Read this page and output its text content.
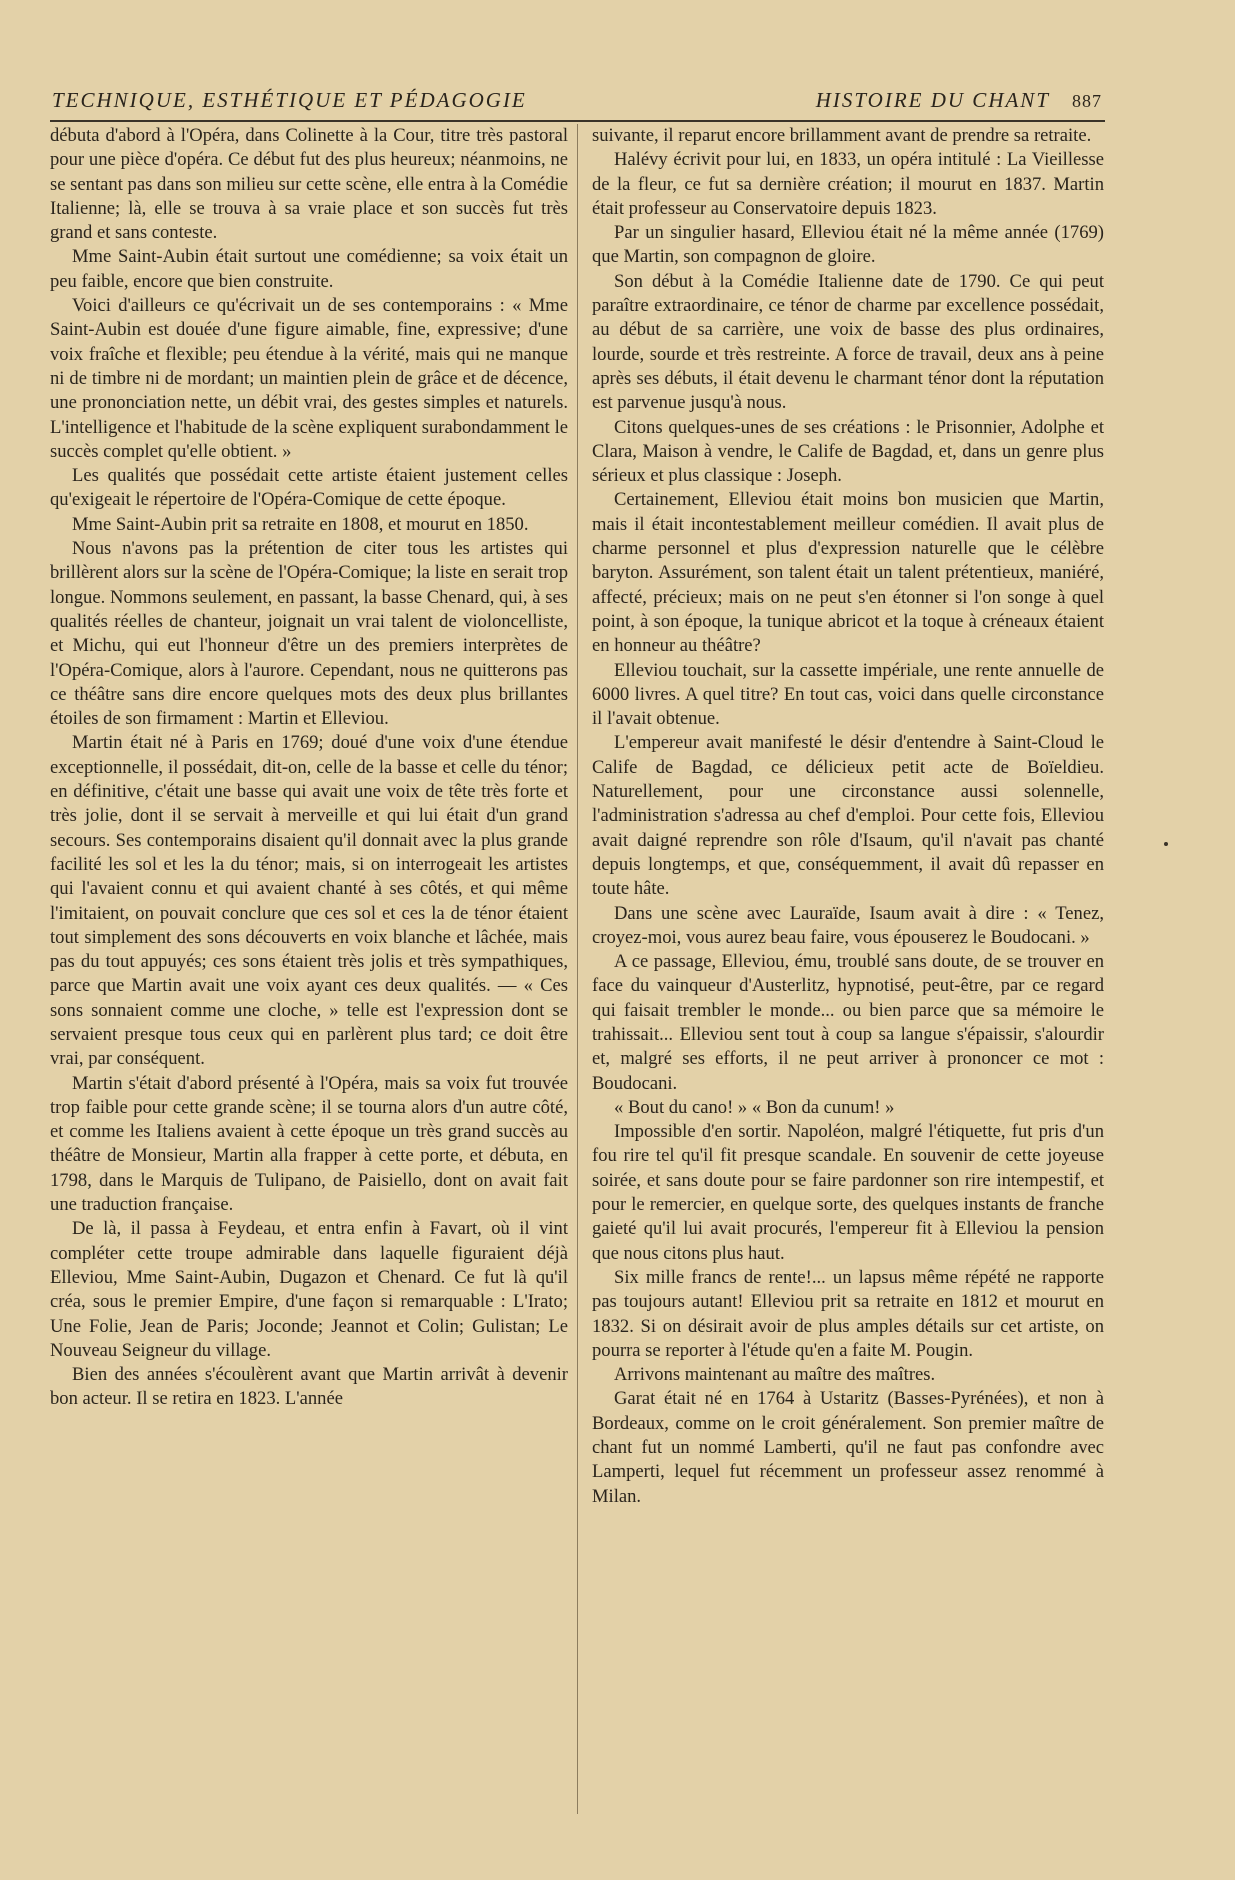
TECHNIQUE, ESTHÉTIQUE ET PÉDAGOGIE	HISTOIRE DU CHANT 887

débuta d'abord à l'Opéra, dans Colinette à la Cour, titre très pastoral pour une pièce d'opéra. Ce début fut des plus heureux; néanmoins, ne se sentant pas dans son milieu sur cette scène, elle entra à la Comédie Italienne; là, elle se trouva à sa vraie place et son succès fut très grand et sans conteste.

Mme Saint-Aubin était surtout une comédienne; sa voix était un peu faible, encore que bien construite.

Voici d'ailleurs ce qu'écrivait un de ses contemporains : « Mme Saint-Aubin est douée d'une figure aimable, fine, expressive; d'une voix fraîche et flexible; peu étendue à la vérité, mais qui ne manque ni de timbre ni de mordant; un maintien plein de grâce et de décence, une prononciation nette, un débit vrai, des gestes simples et naturels. L'intelligence et l'habitude de la scène expliquent surabondamment le succès complet qu'elle obtient. »

Les qualités que possédait cette artiste étaient justement celles qu'exigeait le répertoire de l'Opéra-Comique de cette époque.

Mme Saint-Aubin prit sa retraite en 1808, et mourut en 1850.

Nous n'avons pas la prétention de citer tous les artistes qui brillèrent alors sur la scène de l'Opéra-Comique; la liste en serait trop longue. Nommons seulement, en passant, la basse Chenard, qui, à ses qualités réelles de chanteur, joignait un vrai talent de violoncelliste, et Michu, qui eut l'honneur d'être un des premiers interprètes de l'Opéra-Comique, alors à l'aurore. Cependant, nous ne quitterons pas ce théâtre sans dire encore quelques mots des deux plus brillantes étoiles de son firmament : Martin et Elleviou.

Martin était né à Paris en 1769; doué d'une voix d'une étendue exceptionnelle, il possédait, dit-on, celle de la basse et celle du ténor; en définitive, c'était une basse qui avait une voix de tête très forte et très jolie, dont il se servait à merveille et qui lui était d'un grand secours. Ses contemporains disaient qu'il donnait avec la plus grande facilité les sol et les la du ténor; mais, si on interrogeait les artistes qui l'avaient connu et qui avaient chanté à ses côtés, et qui même l'imitaient, on pouvait conclure que ces sol et ces la de ténor étaient tout simplement des sons découverts en voix blanche et lâchée, mais pas du tout appuyés; ces sons étaient très jolis et très sympathiques, parce que Martin avait une voix ayant ces deux qualités. — « Ces sons sonnaient comme une cloche, » telle est l'expression dont se servaient presque tous ceux qui en parlèrent plus tard; ce doit être vrai, par conséquent.

Martin s'était d'abord présenté à l'Opéra, mais sa voix fut trouvée trop faible pour cette grande scène; il se tourna alors d'un autre côté, et comme les Italiens avaient à cette époque un très grand succès au théâtre de Monsieur, Martin alla frapper à cette porte, et débuta, en 1798, dans le Marquis de Tulipano, de Paisiello, dont on avait fait une traduction française.

De là, il passa à Feydeau, et entra enfin à Favart, où il vint compléter cette troupe admirable dans laquelle figuraient déjà Elleviou, Mme Saint-Aubin, Dugazon et Chenard. Ce fut là qu'il créa, sous le premier Empire, d'une façon si remarquable : L'Irato; Une Folie, Jean de Paris; Joconde; Jeannot et Colin; Gulistan; Le Nouveau Seigneur du village.

Bien des années s'écoulèrent avant que Martin arrivât à devenir bon acteur. Il se retira en 1823. L'année

suivante, il reparut encore brillamment avant de prendre sa retraite.

Halévy écrivit pour lui, en 1833, un opéra intitulé : La Vieillesse de la fleur, ce fut sa dernière création; il mourut en 1837. Martin était professeur au Conservatoire depuis 1823.

Par un singulier hasard, Elleviou était né la même année (1769) que Martin, son compagnon de gloire.

Son début à la Comédie Italienne date de 1790. Ce qui peut paraître extraordinaire, ce ténor de charme par excellence possédait, au début de sa carrière, une voix de basse des plus ordinaires, lourde, sourde et très restreinte. A force de travail, deux ans à peine après ses débuts, il était devenu le charmant ténor dont la réputation est parvenue jusqu'à nous.

Citons quelques-unes de ses créations : le Prisonnier, Adolphe et Clara, Maison à vendre, le Calife de Bagdad, et, dans un genre plus sérieux et plus classique : Joseph.

Certainement, Elleviou était moins bon musicien que Martin, mais il était incontestablement meilleur comédien. Il avait plus de charme personnel et plus d'expression naturelle que le célèbre baryton. Assurément, son talent était un talent prétentieux, maniéré, affecté, précieux; mais on ne peut s'en étonner si l'on songe à quel point, à son époque, la tunique abricot et la toque à créneaux étaient en honneur au théâtre?

Elleviou touchait, sur la cassette impériale, une rente annuelle de 6000 livres. A quel titre? En tout cas, voici dans quelle circonstance il l'avait obtenue.

L'empereur avait manifesté le désir d'entendre à Saint-Cloud le Calife de Bagdad, ce délicieux petit acte de Boïeldieu. Naturellement, pour une circonstance aussi solennelle, l'administration s'adressa au chef d'emploi. Pour cette fois, Elleviou avait daigné reprendre son rôle d'Isaum, qu'il n'avait pas chanté depuis longtemps, et que, conséquemment, il avait dû repasser en toute hâte.

Dans une scène avec Lauraïde, Isaum avait à dire : « Tenez, croyez-moi, vous aurez beau faire, vous épouserez le Boudocani. »

A ce passage, Elleviou, ému, troublé sans doute, de se trouver en face du vainqueur d'Austerlitz, hypnotisé, peut-être, par ce regard qui faisait trembler le monde... ou bien parce que sa mémoire le trahissait... Elleviou sent tout à coup sa langue s'épaissir, s'alourdir et, malgré ses efforts, il ne peut arriver à prononcer ce mot : Boudocani.

« Bout du cano! » « Bon da cunum! »

Impossible d'en sortir. Napoléon, malgré l'étiquette, fut pris d'un fou rire tel qu'il fit presque scandale. En souvenir de cette joyeuse soirée, et sans doute pour se faire pardonner son rire intempestif, et pour le remercier, en quelque sorte, des quelques instants de franche gaieté qu'il lui avait procurés, l'empereur fit à Elleviou la pension que nous citons plus haut.

Six mille francs de rente!... un lapsus même répété ne rapporte pas toujours autant! Elleviou prit sa retraite en 1812 et mourut en 1832. Si on désirait avoir de plus amples détails sur cet artiste, on pourra se reporter à l'étude qu'en a faite M. Pougin.

Arrivons maintenant au maître des maîtres.

Garat était né en 1764 à Ustaritz (Basses-Pyrénées), et non à Bordeaux, comme on le croit généralement. Son premier maître de chant fut un nommé Lamberti, qu'il ne faut pas confondre avec Lamperti, lequel fut récemment un professeur assez renommé à Milan.
